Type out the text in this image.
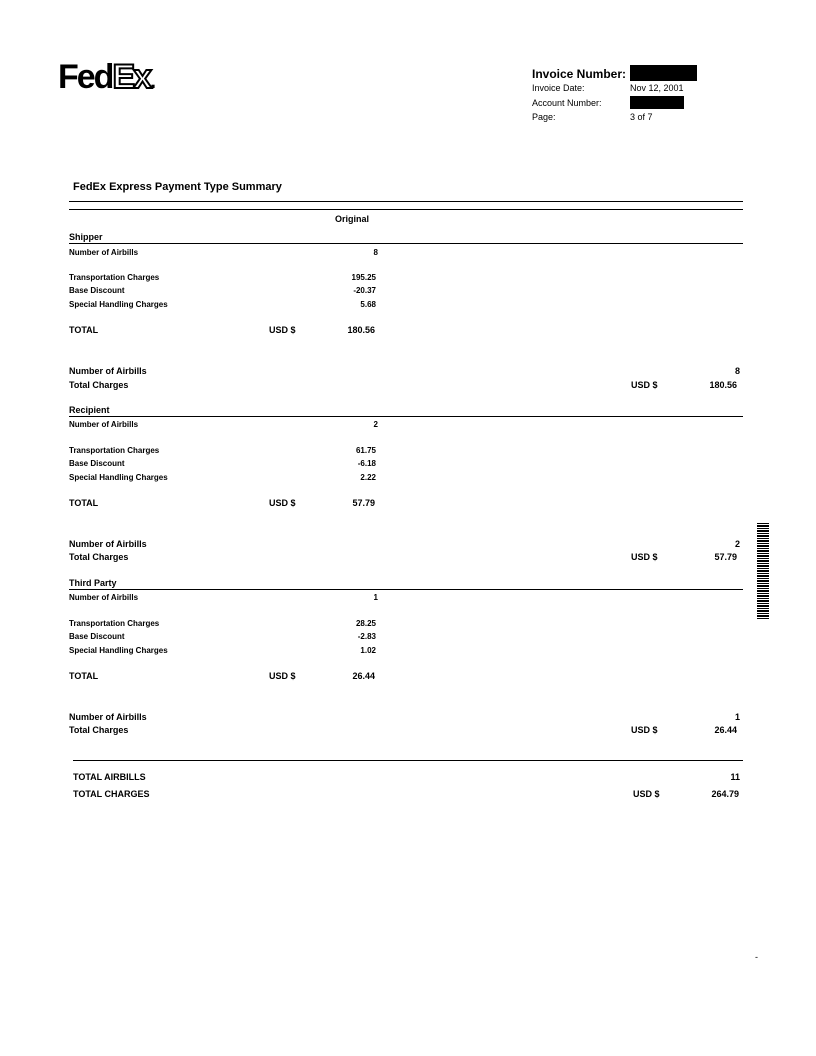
FedEx.	Invoice Number:
Invoice Date:	Nov 12, 2001
Account Number:
Page:	3 of 7
FedEx Express Payment Type Summary
Original
Shipper
Number of Airbills	8
Transportation Charges	195.25
Base Discount	-20.37
Special Handling Charges	5.68
TOTAL	USD $	180.56
Number of Airbills	8
Total Charges	USD $	180.56
Recipient
Number of Airbills	2
Transportation Charges	61.75
Base Discount	-6.18
Special Handling Charges	2.22
TOTAL	USD $	57.79
Number of Airbills	2
Total Charges	USD $	57.79
Third Party
Number of Airbills	1
Transportation Charges	28.25
Base Discount	-2.83
Special Handling Charges	1.02
TOTAL	USD $	26.44
Number of Airbills	1
Total Charges	USD $	26.44
TOTAL AIRBILLS	11
TOTAL CHARGES	USD $	264.79
-
